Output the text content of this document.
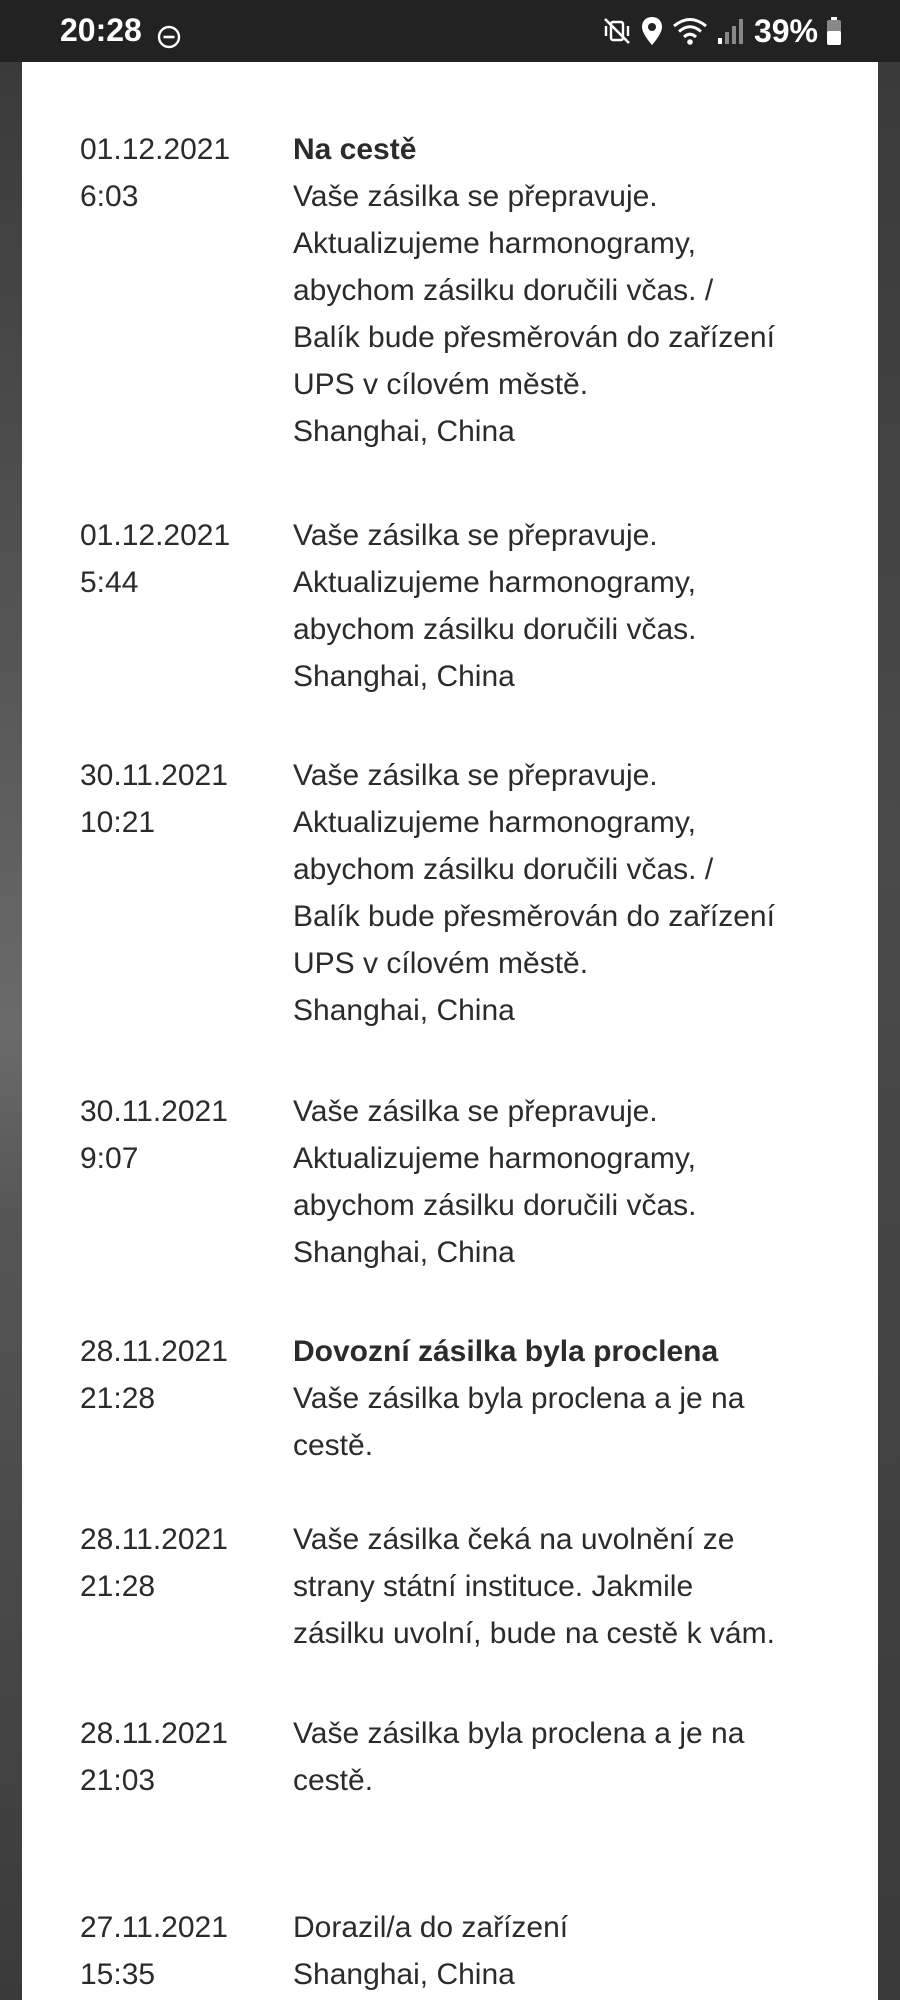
20:28	39%
01.12.2021
6:03
Na cestě
Vaše zásilka se přepravuje.
Aktualizujeme harmonogramy,
abychom zásilku doručili včas. /
Balík bude přesměrován do zařízení
UPS v cílovém městě.
Shanghai, China
01.12.2021
5:44
Vaše zásilka se přepravuje.
Aktualizujeme harmonogramy,
abychom zásilku doručili včas.
Shanghai, China
30.11.2021
10:21
Vaše zásilka se přepravuje.
Aktualizujeme harmonogramy,
abychom zásilku doručili včas. /
Balík bude přesměrován do zařízení
UPS v cílovém městě.
Shanghai, China
30.11.2021
9:07
Vaše zásilka se přepravuje.
Aktualizujeme harmonogramy,
abychom zásilku doručili včas.
Shanghai, China
28.11.2021
21:28
Dovozní zásilka byla proclena
Vaše zásilka byla proclena a je na
cestě.
28.11.2021
21:28
Vaše zásilka čeká na uvolnění ze
strany státní instituce. Jakmile
zásilku uvolní, bude na cestě k vám.
28.11.2021
21:03
Vaše zásilka byla proclena a je na
cestě.
27.11.2021
15:35
Dorazil/a do zařízení
Shanghai, China
